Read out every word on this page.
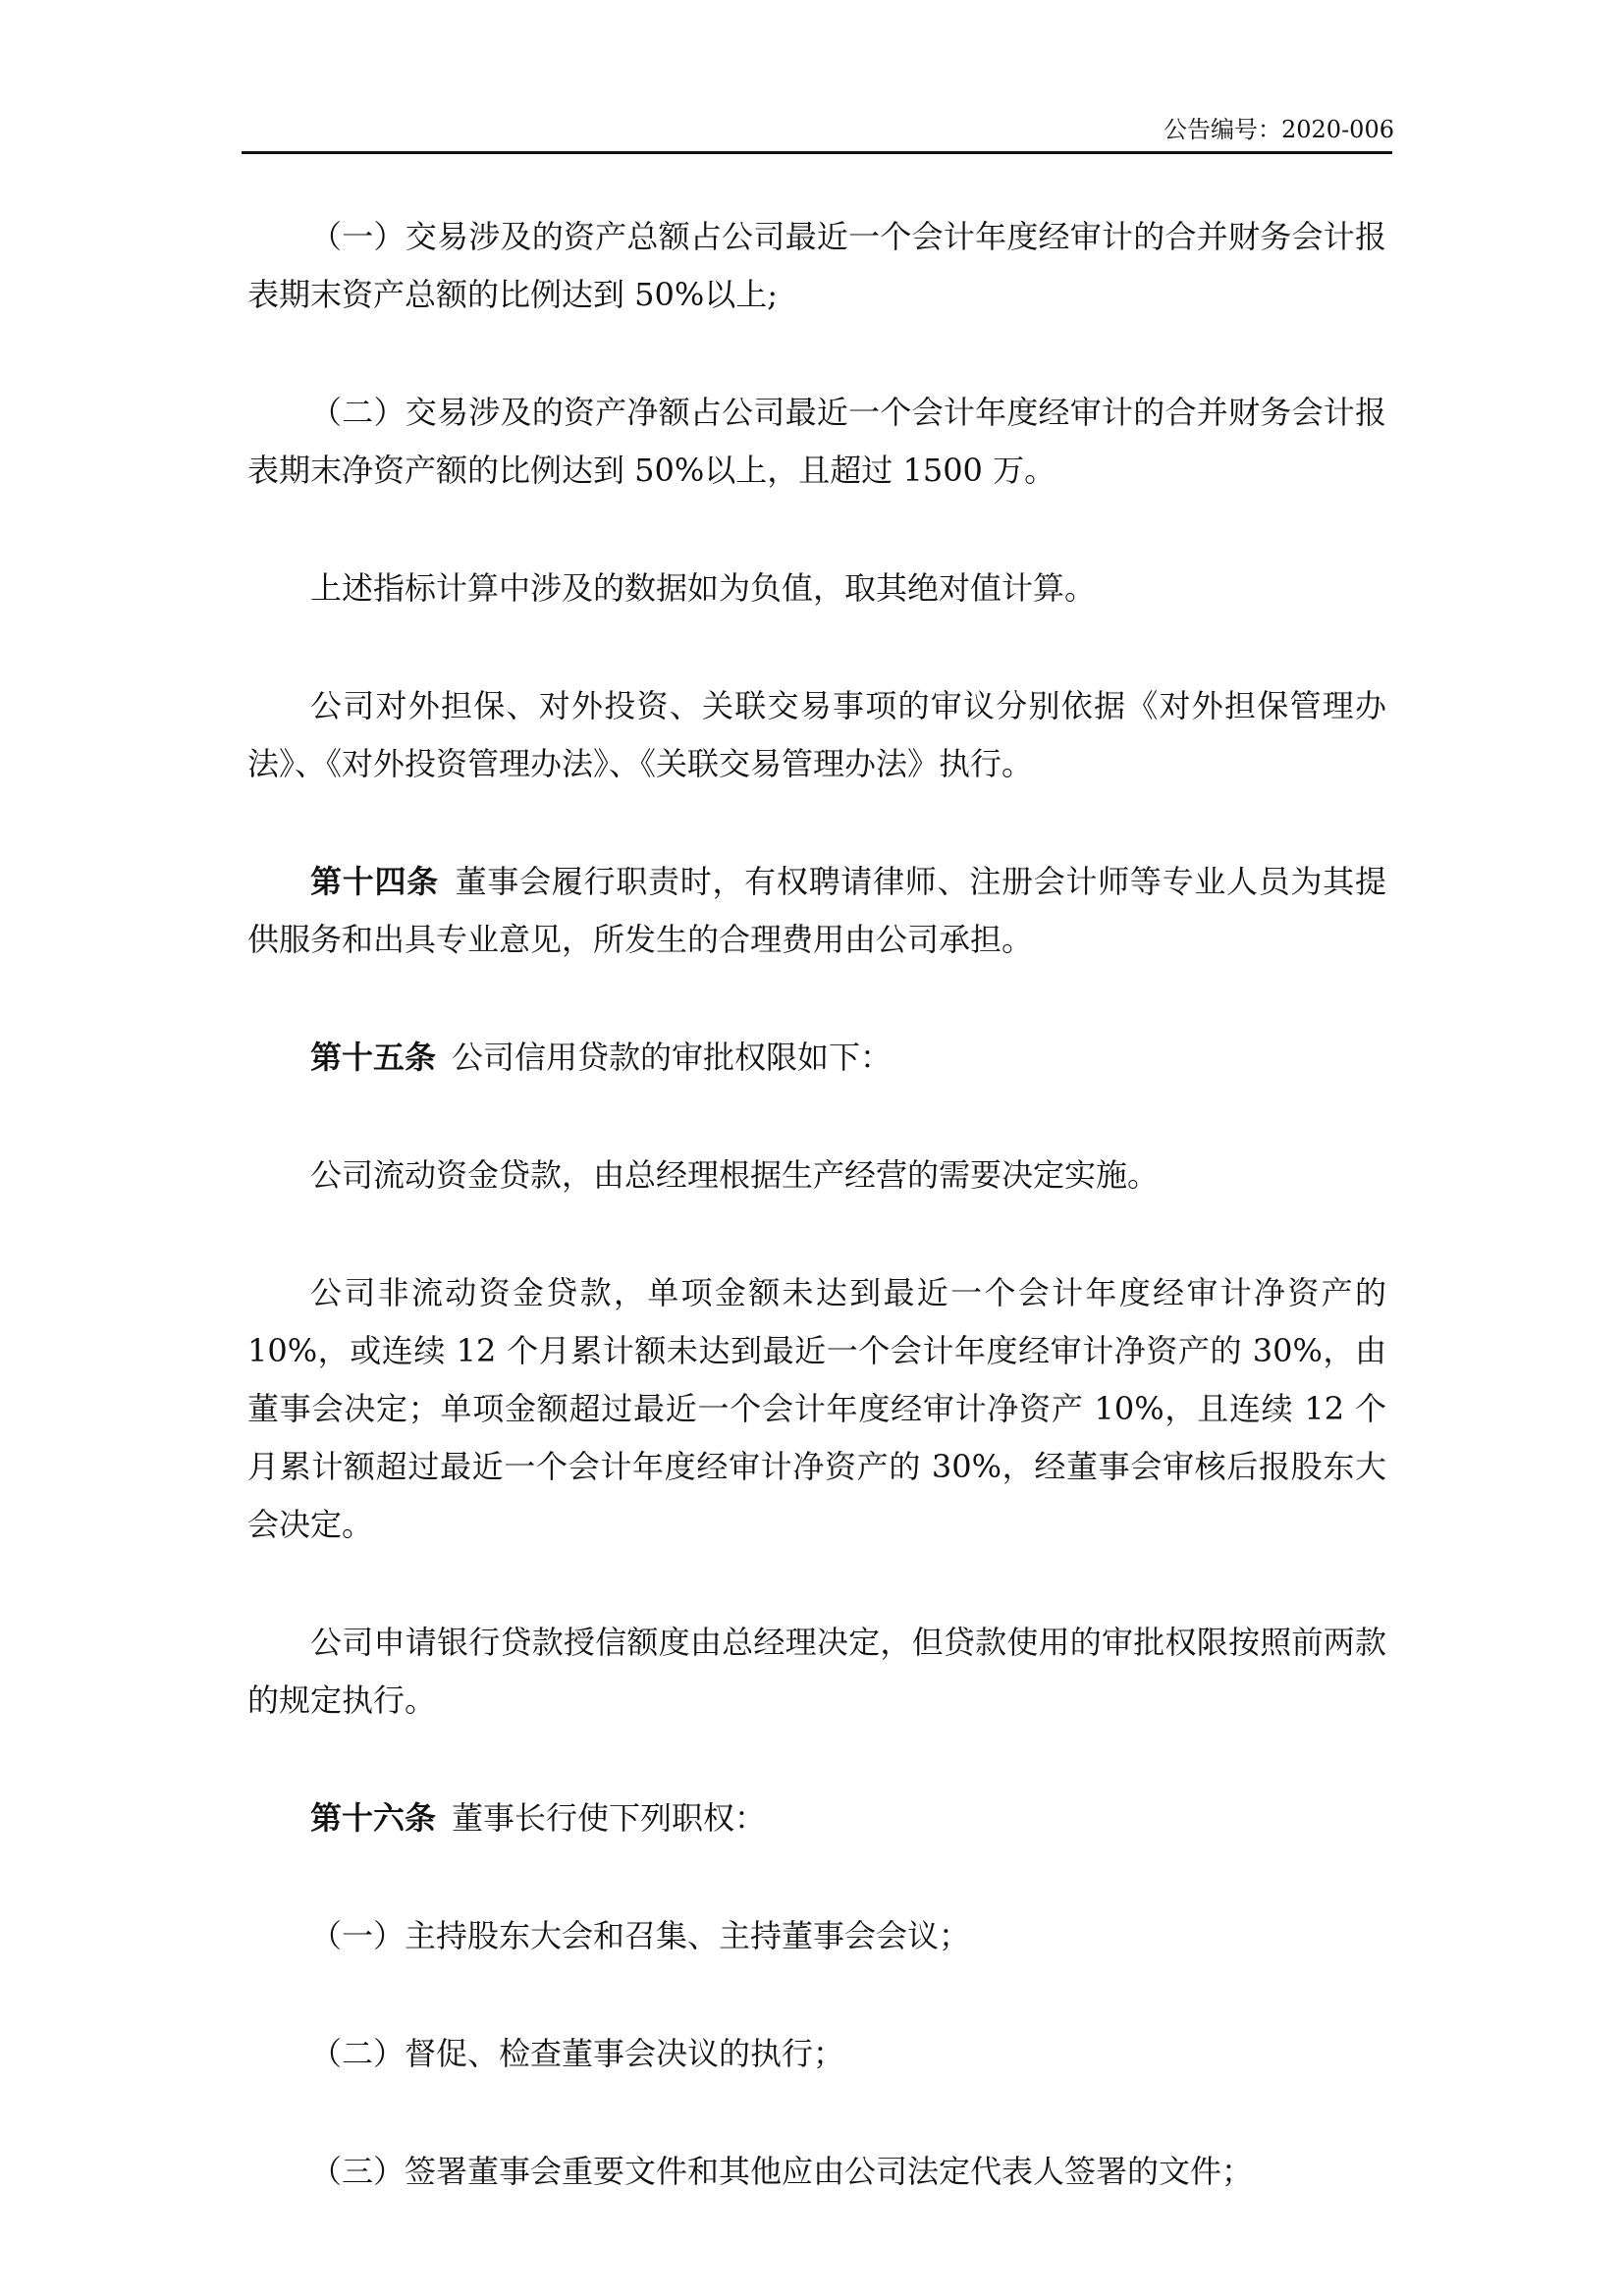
公告编号：2020-006

（一）交易涉及的资产总额占公司最近一个会计年度经审计的合并财务会计报表期末资产总额的比例达到 50%以上;

（二）交易涉及的资产净额占公司最近一个会计年度经审计的合并财务会计报表期末净资产额的比例达到 50%以上，且超过 1500 万。

上述指标计算中涉及的数据如为负值，取其绝对值计算。

公司对外担保、对外投资、关联交易事项的审议分别依据《对外担保管理办法》、《对外投资管理办法》、《关联交易管理办法》执行。

第十四条 董事会履行职责时，有权聘请律师、注册会计师等专业人员为其提供服务和出具专业意见，所发生的合理费用由公司承担。

第十五条 公司信用贷款的审批权限如下：

公司流动资金贷款，由总经理根据生产经营的需要决定实施。

公司非流动资金贷款，单项金额未达到最近一个会计年度经审计净资产的10%，或连续 12 个月累计额未达到最近一个会计年度经审计净资产的 30%，由董事会决定；单项金额超过最近一个会计年度经审计净资产 10%，且连续 12 个月累计额超过最近一个会计年度经审计净资产的 30%，经董事会审核后报股东大会决定。

公司申请银行贷款授信额度由总经理决定，但贷款使用的审批权限按照前两款的规定执行。

第十六条 董事长行使下列职权：

（一）主持股东大会和召集、主持董事会会议；

（二）督促、检查董事会决议的执行；

（三）签署董事会重要文件和其他应由公司法定代表人签署的文件；
